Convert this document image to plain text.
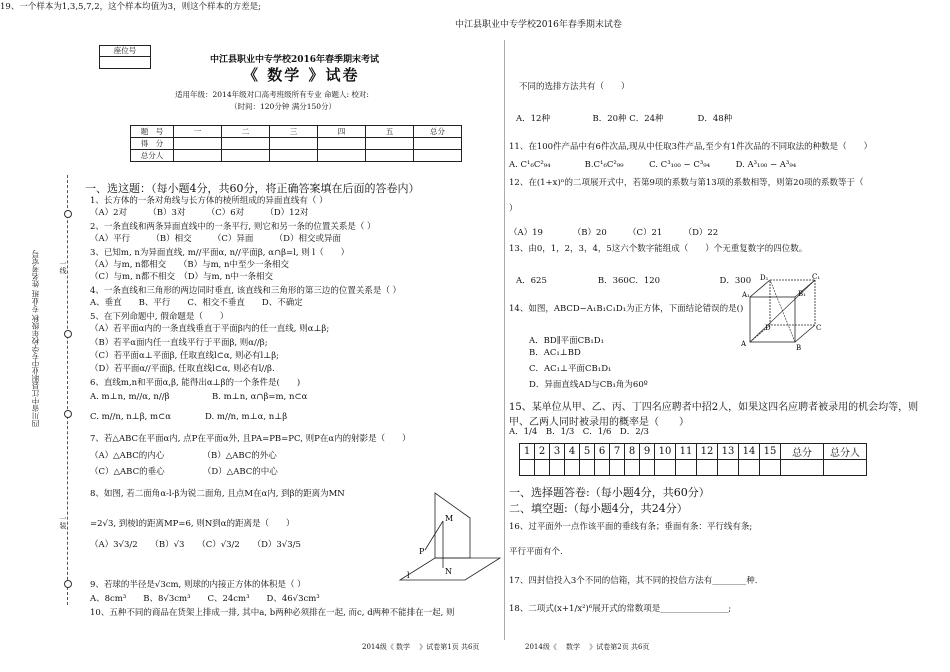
中江县职业中专学校2016年春季期末试卷
座位号
中江县职业中专学校2016年春季期末考试
《 数学 》试卷
适用年级：2014年级对口高考班级所有专业 命题人: 校对:
（时间：120分钟 满分150分）
题　号	一	二	三	四	五	总分
得　分						
总分人						
四川省中江县职业中专学校年级秋 专业班 姓名考室号	一线
一装
一、选这题：（每小题4分，共60分，将正确答案填在后面的答卷内）
1、长方体的一条对角线与长方体的棱所组成的异面直线有（ ）
（A）2对　　　（B）3对　　　（C）6对　　　（D）12对
2、一条直线和两条异面直线中的一条平行, 则它和另一条的位置关系是（ ）
（A）平行　　　（B）相交　　　（C）异面　　　（D）相交或异面
3、已知m, n为异面直线, m//平面α, n//平面β, α∩β=l, 则 l（　　）
（A）与m, n都相交　　（B）与m, n中至少一条相交
（C）与m, n都不相交　（D）与m, n中一条相交
4、一条直线和三角形的两边同时垂直, 该直线和三角形的第三边的位置关系是（ ）
A、垂直　　B、平行　　C、相交不垂直　　D、不确定
5、在下列命题中, 假命题是（　　）
（A）若平面α内的一条直线垂直于平面β内的任一直线, 则α⊥β;
（B）若平α面内任一直线平行于平面β, 则α//β;
（C）若平面α⊥平面β, 任取直线l⊂α, 则必有l⊥β;
（D）若平面α//平面β, 任取直线l⊂α, 则必有l//β.
6、直线m,n和平面α,β, 能得出α⊥β的一个条件是(　　)
A. m⊥n, m//α, n//β　　　　　B. m⊥n, α∩β=m, n⊂α
C. m//n, n⊥β, m⊂α　　　　D. m//n, m⊥α, n⊥β
7、若△ABC在平面α内, 点P在平面α外, 且PA=PB=PC, 则P在α内的射影是（　　）
（A）△ABC的内心　　　　　（B）△ABC的外心
（C）△ABC的垂心　　　　　（D）△ABC的中心
8、如图, 若二面角α-l-β为锐二面角, 且点M在α内, 到β的距离为MN
=2√3, 到棱l的距离MP=6, 则N到α的距离是（　　）
（A）3√3/2　　（B）√3　　（C）√3/2　　（D）3√3/5
9、若球的半径是√3cm, 则球的内接正方体的体积是（ ）
A、8cm³　　B、8√3cm³　　C、24cm³　　D、46√3cm³
10、五种不同的商品在货架上排成一排, 其中a, b两种必须排在一起, 而c, d两种不能排在一起, 则
不同的选排方法共有（　　）
A．12种　　　　　B．20种 C．24种　　　　D．48种
11、在100件产品中有6件次品,现从中任取3件产品,至少有1件次品的不同取法的种数是（　　）
A. C¹₆C²₉₄　　　　B.C¹₆C²₉₉　　　C. C³₁₀₀ − C³₉₄　　　D. A³₁₀₀ − A³₉₄
12、在(1+x)ⁿ的二项展开式中，若第9项的系数与第13项的系数相等，则第20项的系数等于（
）
（A）19　　　　（B）20　　　（C）21　　　（D）22
13、由0，1，2，3，4，5这六个数字能组成（　　）个无重复数字的四位数。
A．625　　　　　　B．360C．120　　　　　　　D．300
14、如图，ABCD−A₁B₁C₁D₁为正方体，下面结论错误的是()
A．BD∥平面CB₁D₁
B．AC₁⊥BD
C．AC₁⊥平面CB₁D₁
D．异面直线AD与CB₁角为60º
15、某单位从甲、乙、丙、丁四名应聘者中招2人，如果这四名应聘者被录用的机会均等，则甲、乙两人同时被录用的概率是（　　）
A．1/4　B．1/3　C．1/6　D．2/3
一、选择题答卷:（每小题4分，共60分）
二、填空题:（每小题4分，共24分）
16、过平面外一点作该平面的垂线有条；垂面有条：平行线有条;
平行平面有个.
17、四封信投入3个不同的信箱，其不同的投信方法有________种.
18、二项式(x+1/x²)⁶展开式的常数项是________________;
19、一个样本为1,3,5,7,2，这个样本均值为3，则这个样本的方差是;
1	2	3	4	5	6	7	8	9	10	11	12	13	14	15	总分	总分人

M
P
N
l
D₁	C₁
A₁	B₁
D	C
A	B
2014级《 数学　 》试卷第1页 共6页	2014级《　 数学　 》试卷第2页 共6页
